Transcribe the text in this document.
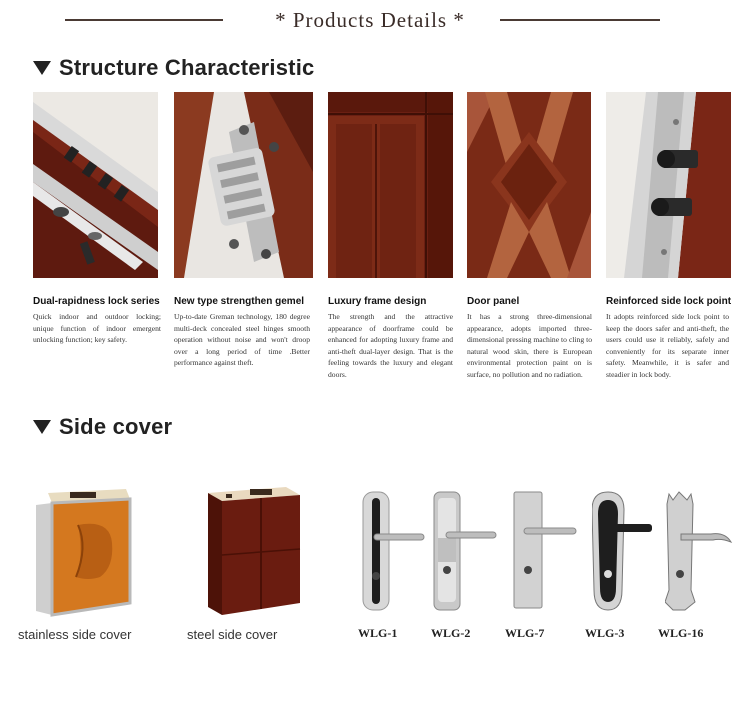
* Products Details *
Structure Characteristic
Dual-rapidness lock series
Quick indoor and outdoor locking; unique function of indoor emergent unlocking function; key safety.
New type strengthen gemel
Up-to-date Greman technology, 180 degree multi-deck concealed steel hinges smooth operation without noise and won't droop over a long period of time .Better performance against theft.
Luxury frame design
The strength and the attractive appearance of doorframe could be enhanced for adopting luxury frame and anti-theft dual-layer design. That is the feeling towards the luxury and elegant doors.
Door panel
It has a strong three-dimensional appearance, adopts imported three-dimensional pressing machine to cling to natural wood skin, there is European environmental protection paint on is surface, no pollution and no radiation.
Reinforced side lock point
It adopts reinforced side lock point to keep the doors safer and anti-theft, the users could use it reliably, safely and conveniently for its separate inner safety. Meanwhile, it is safer and steadier in lock body.
Side cover
stainless side cover	steel side cover	WLG-1	WLG-2	WLG-7	WLG-3	WLG-16
